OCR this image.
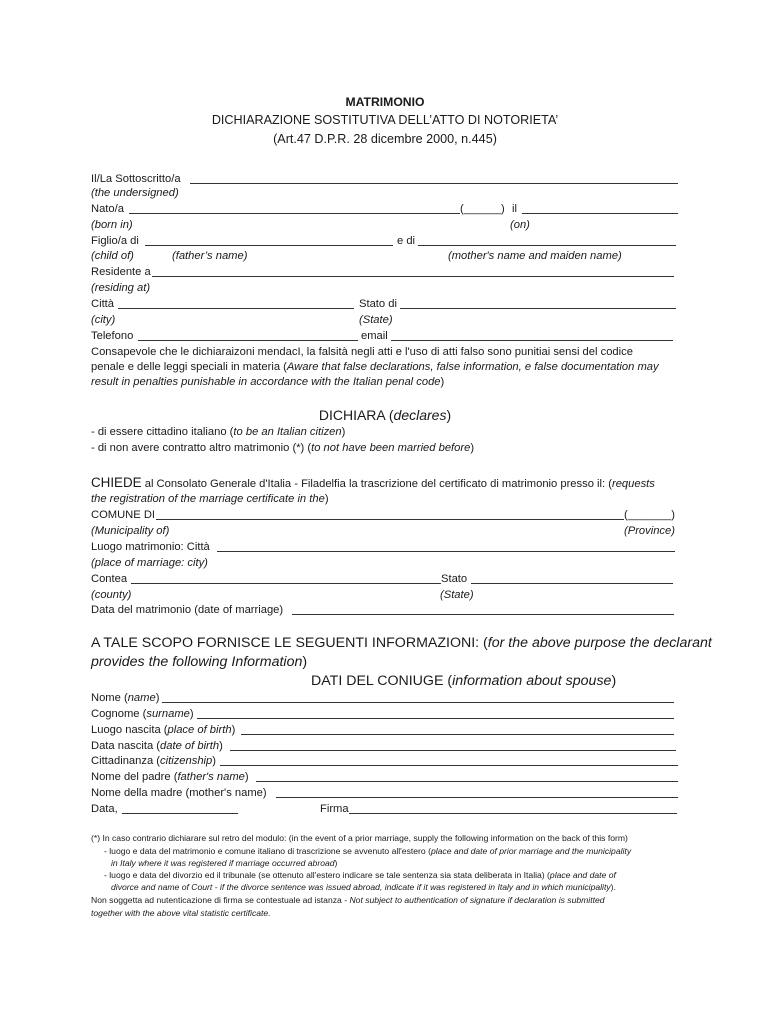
MATRIMONIO
DICHIARAZIONE SOSTITUTIVA DELL’ATTO DI NOTORIETA’
(Art.47 D.P.R. 28 dicembre 2000, n.445)
Il/La Sottoscritto/a
(the undersigned)
Nato/a	(______) il
(born in)	(on)
Figlio/a di	e di
(child of)	(father’s name)	(mother's name and maiden name)
Residente a
(residing at)
Città	Stato di
(city)	(State)
Telefono	email
Consapevole che le dichiaraizoni mendacI, la falsità negli atti e l'uso di atti falso sono punitiai sensi del codice
penale e delle leggi speciali in materia (Aware that false declarations, false information, e false documentation may
result in penalties punishable in accordance with the Italian penal code)
DICHIARA (declares)
- di essere cittadino italiano (to be an Italian citizen)
- di non avere contratto altro matrimonio (*) (to not have been married before)
CHIEDE al Consolato Generale d'Italia - Filadelfia la trascrizione del certificato di matrimonio presso il: (requests
the registration of the marriage certificate in the)
COMUNE DI	(_______)
(Municipality of)	(Province)
Luogo matrimonio: Città
(place of marriage: city)
Contea	Stato
(county)	(State)
Data del matrimonio (date of marriage)
A TALE SCOPO FORNISCE LE SEGUENTI INFORMAZIONI: (for the above purpose the declarant
provides the following Information)
DATI DEL CONIUGE (information about spouse)
Nome (name)
Cognome (surname)
Luogo nascita (place of birth)
Data nascita (date of birth)
Cittadinanza (citizenship)
Nome del padre (father's name)
Nome della madre (mother's name)
Data,	Firma
(*) In caso contrario dichiarare sul retro del modulo: (in the event of a prior marriage, supply the following information on the back of this form)
- luogo e data del matrimonio e comune italiano di trascrizione se avvenuto all'estero (place and date of prior marriage and the municipality
in Italy where it was registered if marriage occurred abroad)
- luogo e data del divorzio ed il tribunale (se ottenuto all'estero indicare se tale sentenza sia stata deliberata in Italia) (place and date of
divorce and name of Court - if the divorce sentence was issued abroad, indicate if it was registered in Italy and in which municipality).
Non soggetta ad nutenticazione di firma se contestuale ad istanza - Not subject to authentication of signature if declaration is submitted
together with the above vital statistic certificate.
